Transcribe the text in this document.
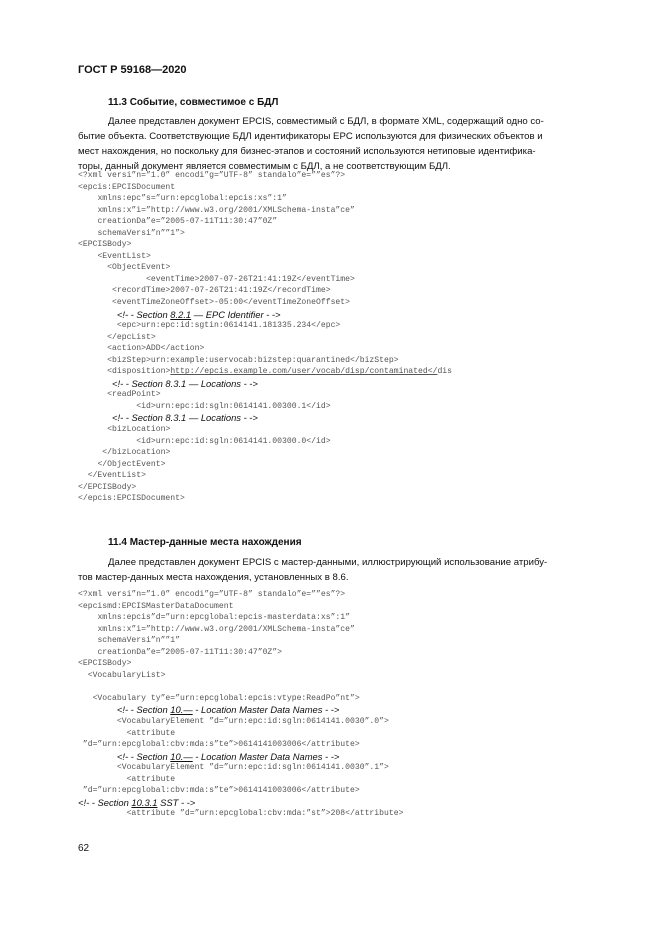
ГОСТ Р 59168—2020
11.3 Событие, совместимое с БДЛ
Далее представлен документ EPCIS, совместимый с БДЛ, в формате XML, содержащий одно со-
бытие объекта. Соответствующие БДЛ идентификаторы EPC используются для физических объектов и
мест нахождения, но поскольку для бизнес-этапов и состояний используются нетиповые идентифика-
торы, данный документ является совместимым с БДЛ, а не соответствующим БДЛ.
<?xml versi”n=”1.0” encodi”g=”UTF-8” standalo”e=””es”?>
<epcis:EPCISDocument
xmlns:epc”s=”urn:epcglobal:epcis:xs”:1”
xmlns:x”i=”http://www.w3.org/2001/XMLSchema-insta”ce”
creationDa”e=”2005-07-11T11:30:47”0Z”
schemaVersi”n””1”>
<EPCISBody>
<EventList>
<ObjectEvent>
<eventTime>2007-07-26T21:41:19Z</eventTime>
<recordTime>2007-07-26T21:41:19Z</recordTime>
<eventTimeZoneOffset>-05:00</eventTimeZoneOffset>
<!- - Section 8.2.1 — EPC Identifier - ->
<epc>urn:epc:id:sgtin:0614141.181335.234</epc>
</epcList>
<action>ADD</action>
<bizStep>urn:example:uservocab:bizstep:quarantined</bizStep>
<disposition>http://epcis.example.com/user/vocab/disp/contaminated</dis
<!- - Section 8.3.1 — Locations - ->
<readPoint>
<id>urn:epc:id:sgln:0614141.00300.1</id>
<!- - Section 8.3.1 — Locations - ->
<bizLocation>
<id>urn:epc:id:sgln:0614141.00300.0</id>
</bizLocation>
</ObjectEvent>
</EventList>
</EPCISBody>
</epcis:EPCISDocument>
11.4 Мастер-данные места нахождения
Далее представлен документ EPCIS с мастер-данными, иллюстрирующий использование атрибу-
тов мастер-данных места нахождения, установленных в 8.6.
<?xml versi”n=”1.0” encodi”g=”UTF-8” standalo”e=””es”?>
<epcismd:EPCISMasterDataDocument
xmlns:epcis”d=”urn:epcglobal:epcis-masterdata:xs”:1”
xmlns:x”i=”http://www.w3.org/2001/XMLSchema-insta”ce”
schemaVersi”n””1”
creationDa”e=”2005-07-11T11:30:47”0Z”>
<EPCISBody>
<VocabularyList>
<Vocabulary ty”e=”urn:epcglobal:epcis:vtype:ReadPo”nt”>
<!- - Section 10.— - Location Master Data Names - ->
<VocabularyElement ”d=”urn:epc:id:sgln:0614141.0030”.0”>
<attribute
”d=”urn:epcglobal:cbv:mda:s”te”>0614141003006</attribute>
<!- - Section 10.— - Location Master Data Names - ->
<VocabularyElement ”d=”urn:epc:id:sgln:0614141.0030”.1”>
<attribute
”d=”urn:epcglobal:cbv:mda:s”te”>0614141003006</attribute>
<!- - Section 10.3.1 SST - ->
<attribute ”d=”urn:epcglobal:cbv:mda:”st”>208</attribute>
62
